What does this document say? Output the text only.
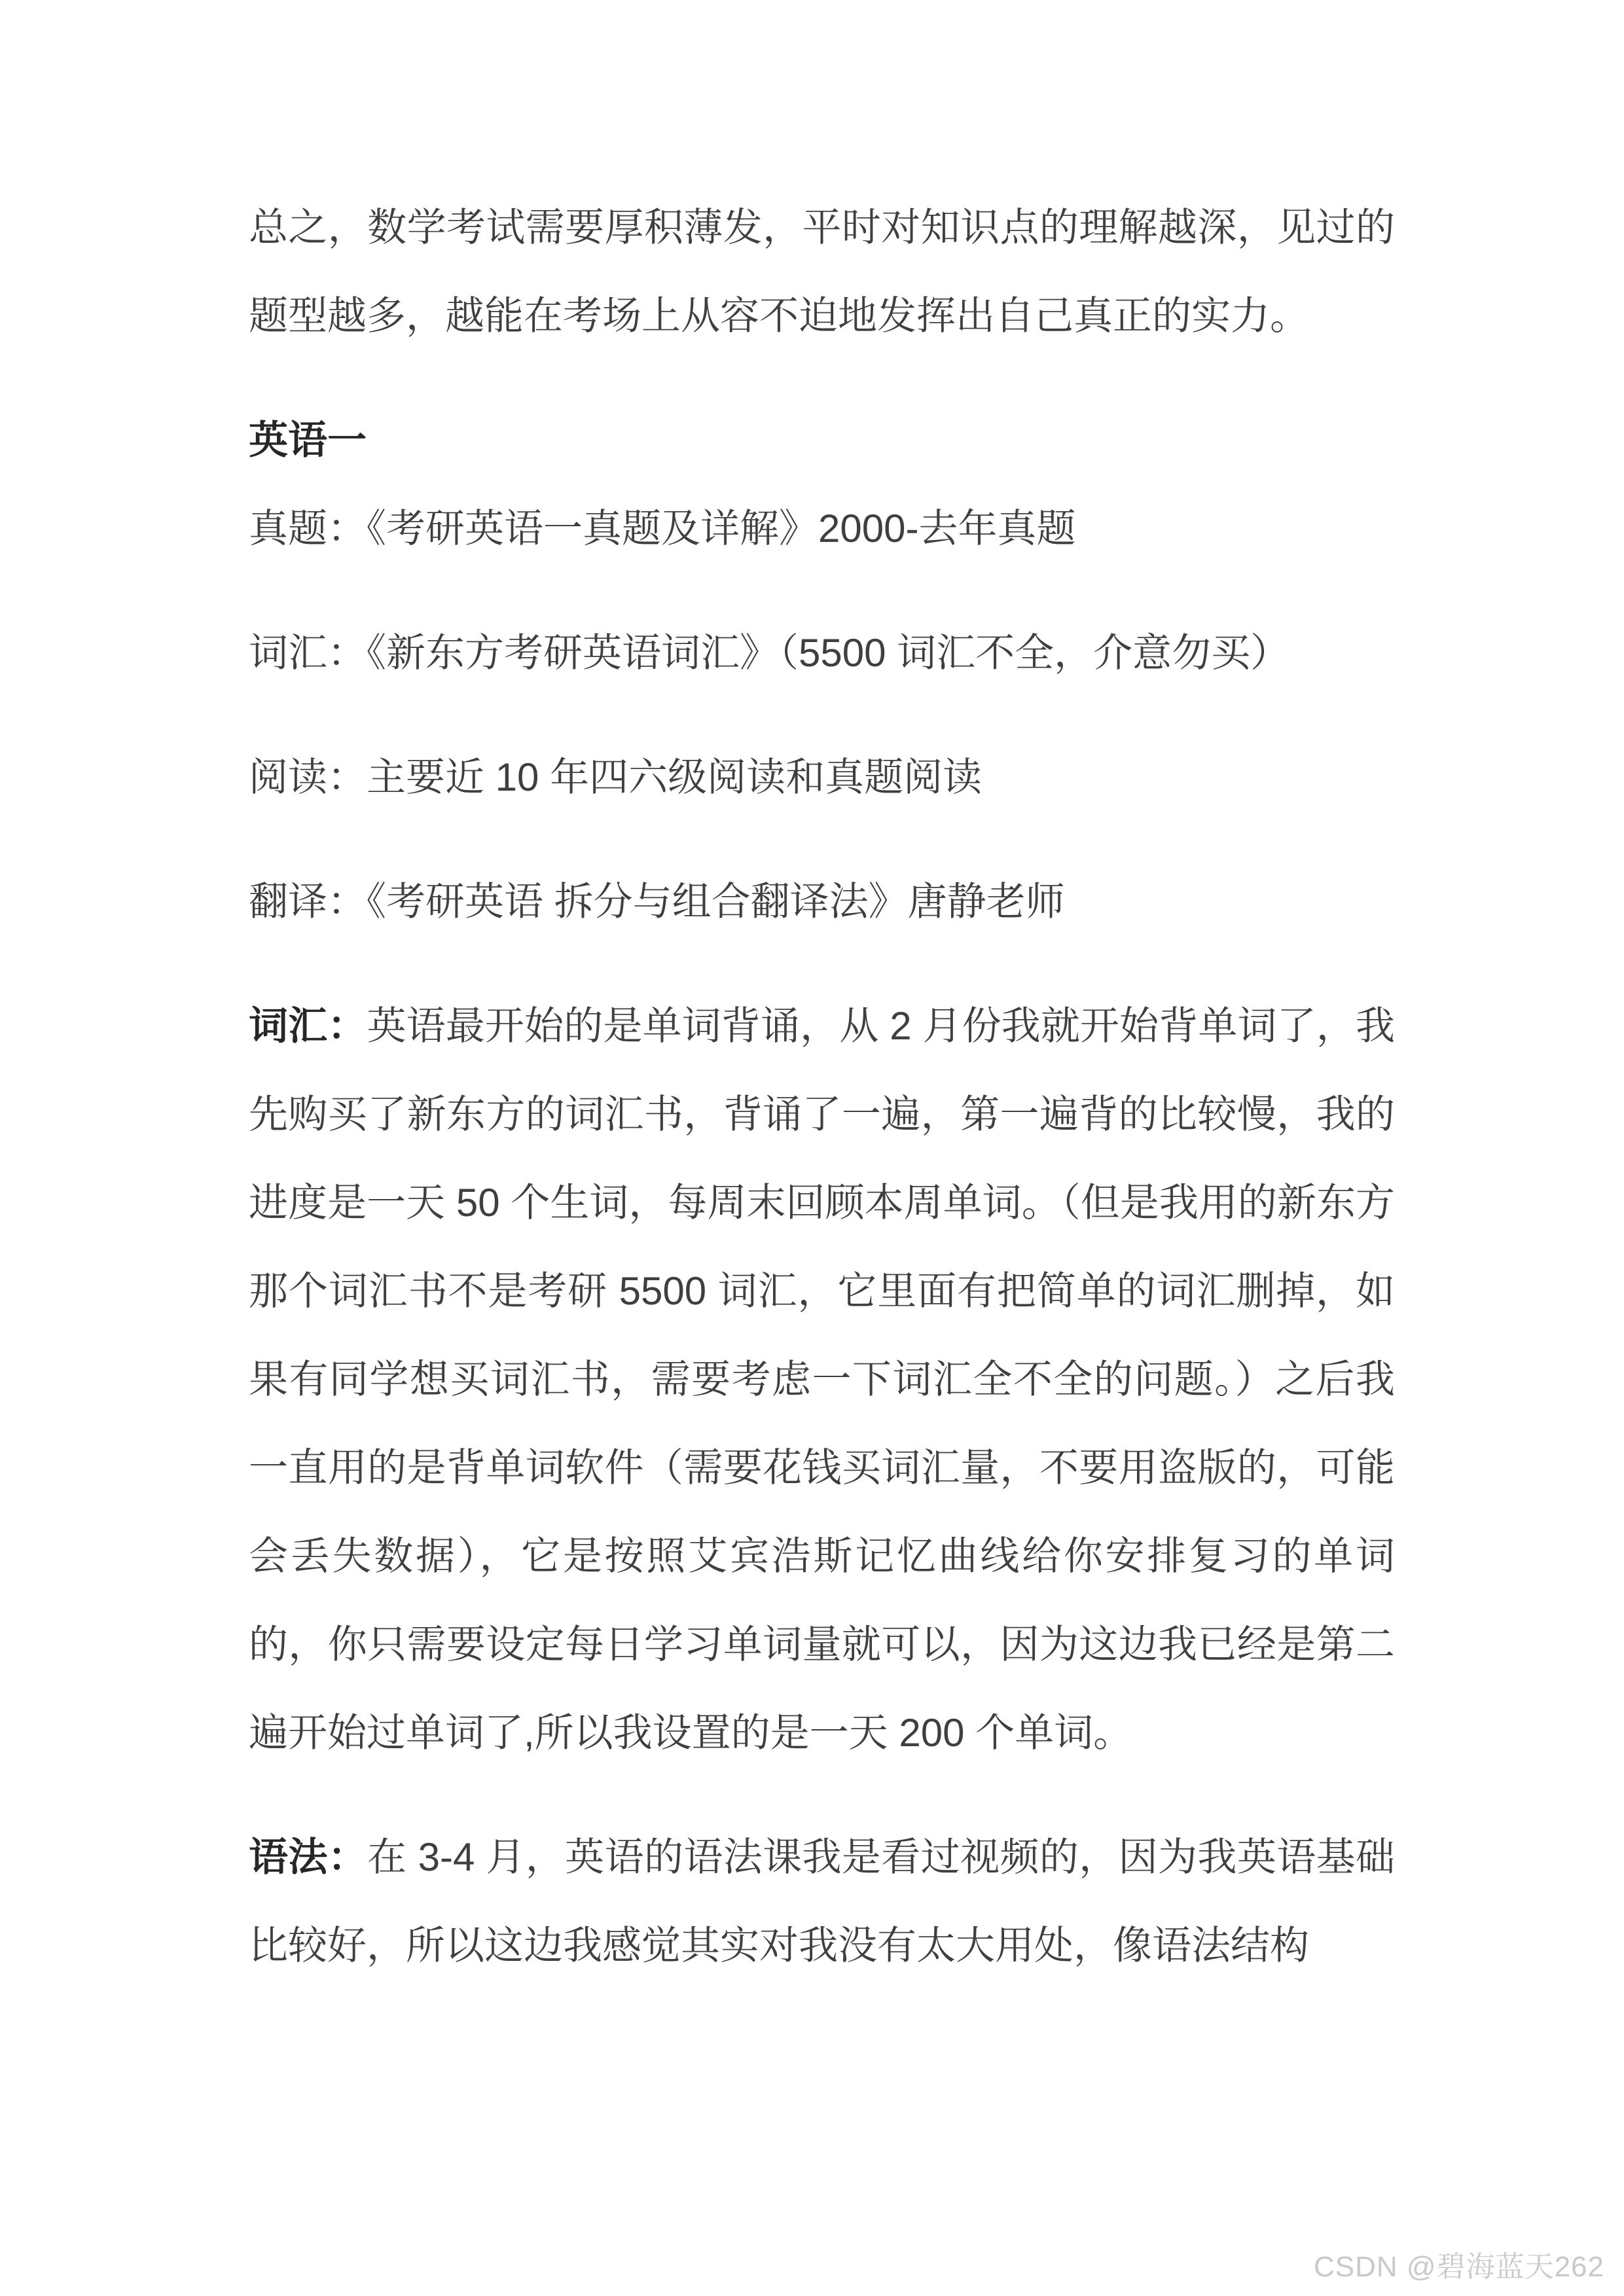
总之，数学考试需要厚积薄发，平时对知识点的理解越深，见过的题型越多，越能在考场上从容不迫地发挥出自己真正的实力。

英语一

真题：《考研英语一真题及详解》2000-去年真题

词汇：《新东方考研英语词汇》（5500 词汇不全，介意勿买）

阅读：主要近 10 年四六级阅读和真题阅读

翻译：《考研英语 拆分与组合翻译法》唐静老师

词汇：英语最开始的是单词背诵，从 2 月份我就开始背单词了，我先购买了新东方的词汇书，背诵了一遍，第一遍背的比较慢，我的进度是一天 50 个生词，每周末回顾本周单词。（但是我用的新东方那个词汇书不是考研 5500 词汇，它里面有把简单的词汇删掉，如果有同学想买词汇书，需要考虑一下词汇全不全的问题。）之后我一直用的是背单词软件（需要花钱买词汇量，不要用盗版的，可能会丢失数据），它是按照艾宾浩斯记忆曲线给你安排复习的单词的，你只需要设定每日学习单词量就可以，因为这边我已经是第二遍开始过单词了,所以我设置的是一天 200 个单词。

语法：在 3-4 月，英语的语法课我是看过视频的，因为我英语基础比较好，所以这边我感觉其实对我没有太大用处，像语法结构

CSDN @碧海蓝天262
